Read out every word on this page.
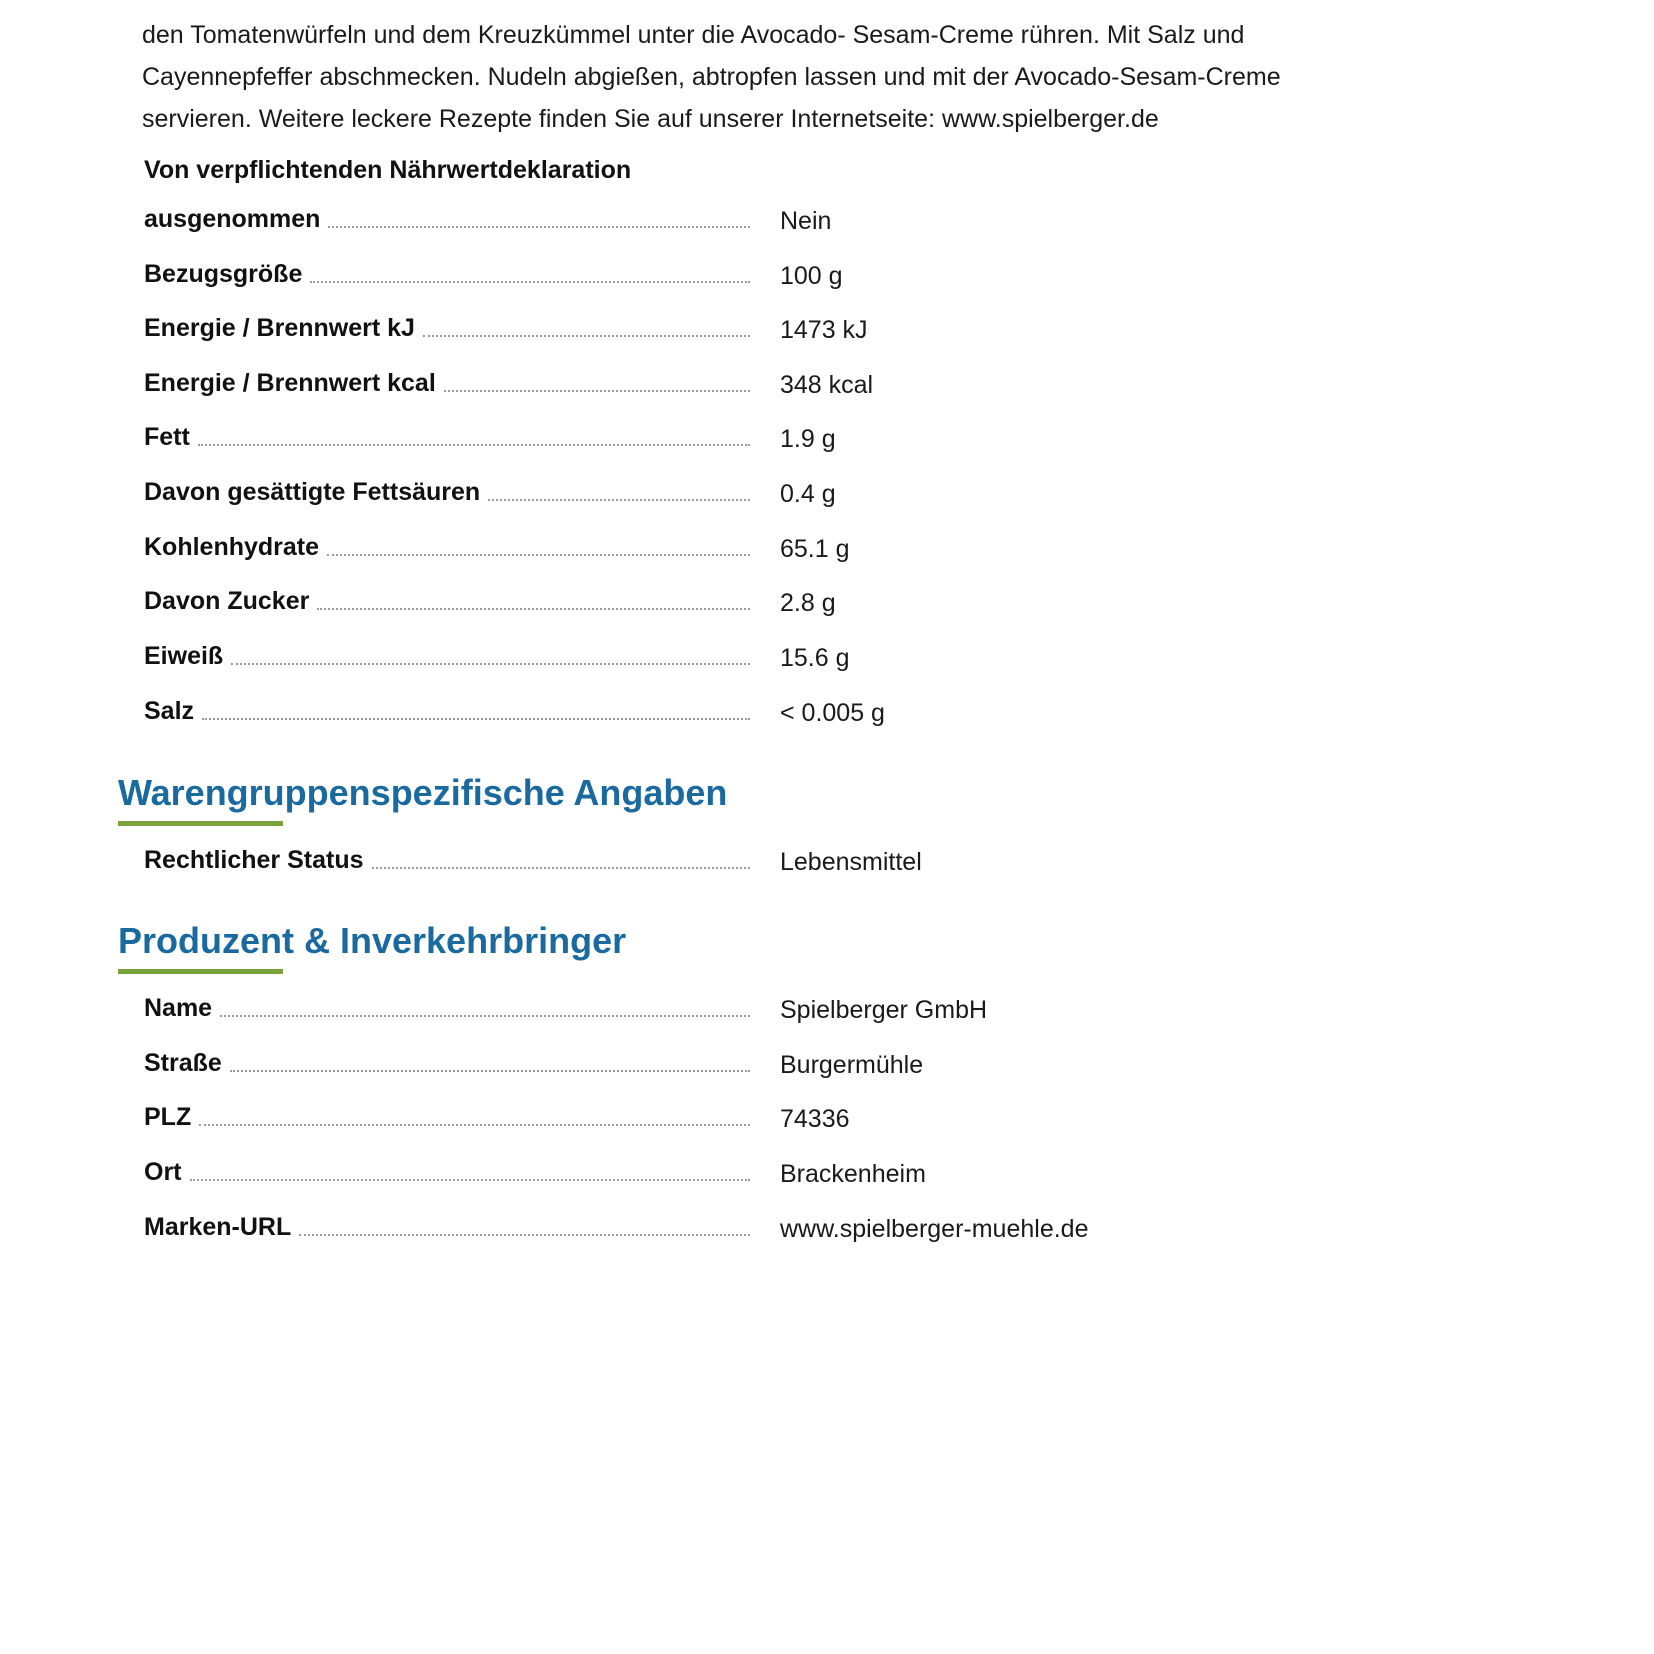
den Tomatenwürfeln und dem Kreuzkümmel unter die Avocado- Sesam-Creme rühren. Mit Salz und

Cayennepfeffer abschmecken. Nudeln abgießen, abtropfen lassen und mit der Avocado-Sesam-Creme

servieren. Weitere leckere Rezepte finden Sie auf unserer Internetseite: www.spielberger.de

Von verpflichtenden Nährwertdeklaration
ausgenommen	Nein
Bezugsgröße	100 g
Energie / Brennwert kJ	1473 kJ
Energie / Brennwert kcal	348 kcal
Fett	1.9 g
Davon gesättigte Fettsäuren	0.4 g
Kohlenhydrate	65.1 g
Davon Zucker	2.8 g
Eiweiß	15.6 g
Salz	< 0.005 g
Warengruppenspezifische Angaben
Rechtlicher Status	Lebensmittel
Produzent & Inverkehrbringer
Name	Spielberger GmbH
Straße	Burgermühle
PLZ	74336
Ort	Brackenheim
Marken-URL	www.spielberger-muehle.de
